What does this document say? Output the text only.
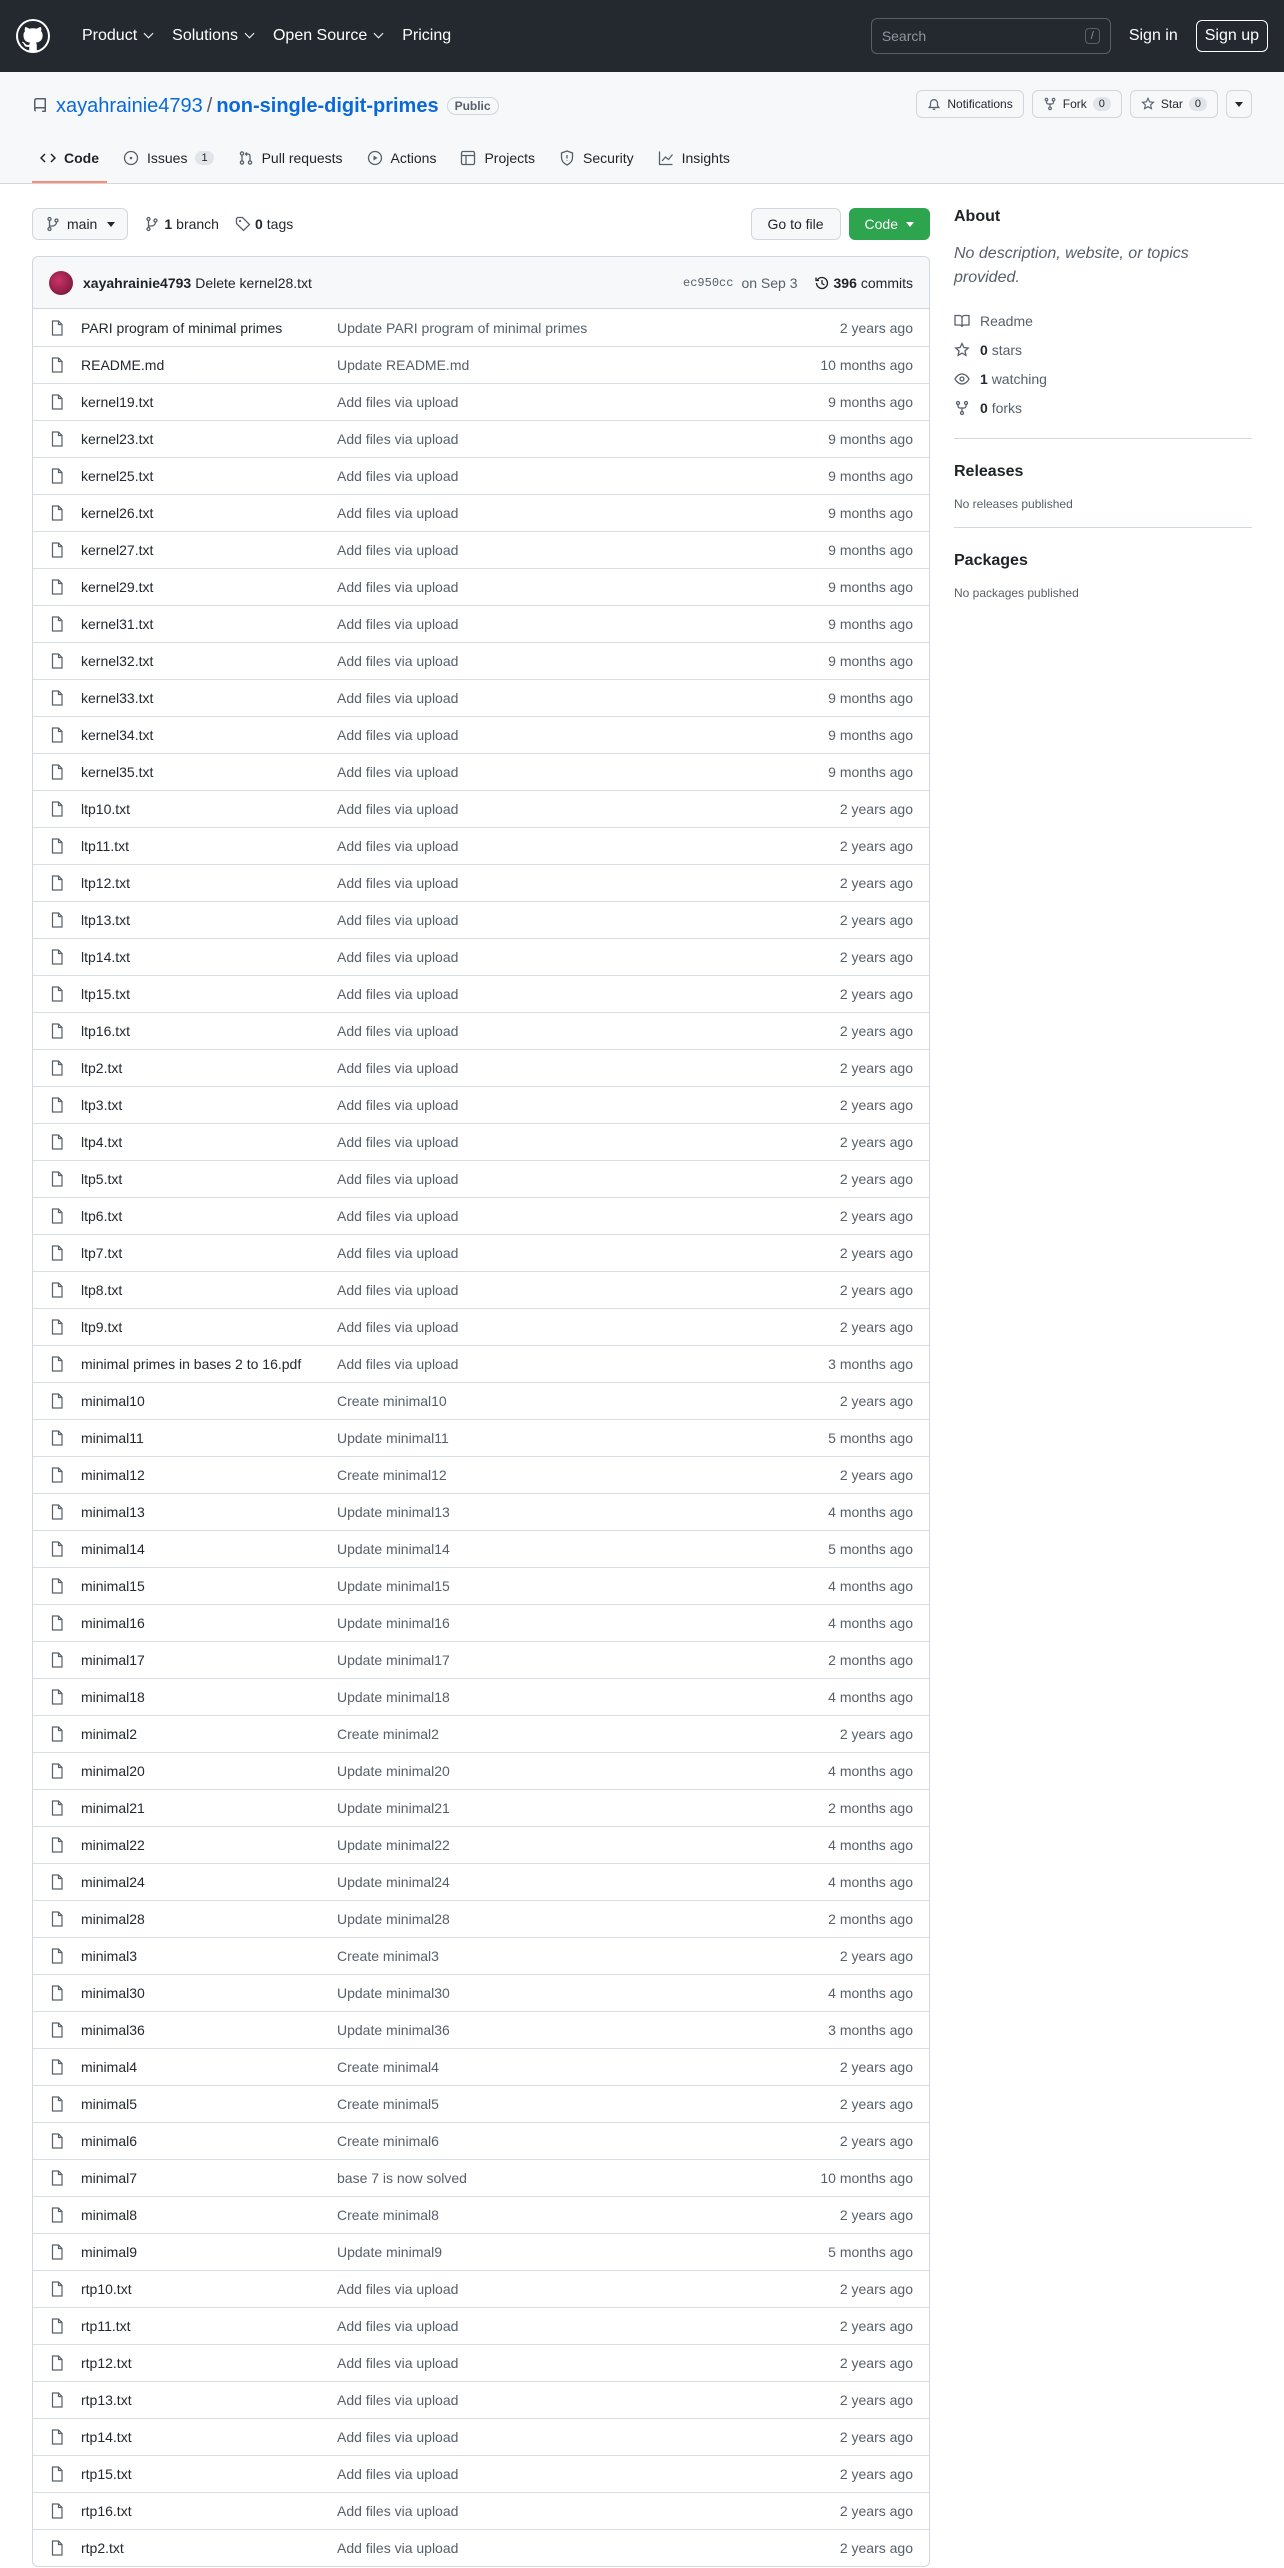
Product Solutions Open Source Pricing	Search	/	Sign in	Sign up
xayahrainie4793 / non-single-digit-primes	Public	Notifications	Fork	0	Star	0
Code	Issues	1	Pull requests	Actions	Projects	Security	Insights
main	1 branch	0 tags	Go to file	Code
xayahrainie4793 Delete kernel28.txt	ec950cc on Sep 3	396 commits
PARI program of minimal primes	Update PARI program of minimal primes	2 years ago
README.md	Update README.md	10 months ago
kernel19.txt	Add files via upload	9 months ago
kernel23.txt	Add files via upload	9 months ago
kernel25.txt	Add files via upload	9 months ago
kernel26.txt	Add files via upload	9 months ago
kernel27.txt	Add files via upload	9 months ago
kernel29.txt	Add files via upload	9 months ago
kernel31.txt	Add files via upload	9 months ago
kernel32.txt	Add files via upload	9 months ago
kernel33.txt	Add files via upload	9 months ago
kernel34.txt	Add files via upload	9 months ago
kernel35.txt	Add files via upload	9 months ago
ltp10.txt	Add files via upload	2 years ago
ltp11.txt	Add files via upload	2 years ago
ltp12.txt	Add files via upload	2 years ago
ltp13.txt	Add files via upload	2 years ago
ltp14.txt	Add files via upload	2 years ago
ltp15.txt	Add files via upload	2 years ago
ltp16.txt	Add files via upload	2 years ago
ltp2.txt	Add files via upload	2 years ago
ltp3.txt	Add files via upload	2 years ago
ltp4.txt	Add files via upload	2 years ago
ltp5.txt	Add files via upload	2 years ago
ltp6.txt	Add files via upload	2 years ago
ltp7.txt	Add files via upload	2 years ago
ltp8.txt	Add files via upload	2 years ago
ltp9.txt	Add files via upload	2 years ago
minimal primes in bases 2 to 16.pdf	Add files via upload	3 months ago
minimal10	Create minimal10	2 years ago
minimal11	Update minimal11	5 months ago
minimal12	Create minimal12	2 years ago
minimal13	Update minimal13	4 months ago
minimal14	Update minimal14	5 months ago
minimal15	Update minimal15	4 months ago
minimal16	Update minimal16	4 months ago
minimal17	Update minimal17	2 months ago
minimal18	Update minimal18	4 months ago
minimal2	Create minimal2	2 years ago
minimal20	Update minimal20	4 months ago
minimal21	Update minimal21	2 months ago
minimal22	Update minimal22	4 months ago
minimal24	Update minimal24	4 months ago
minimal28	Update minimal28	2 months ago
minimal3	Create minimal3	2 years ago
minimal30	Update minimal30	4 months ago
minimal36	Update minimal36	3 months ago
minimal4	Create minimal4	2 years ago
minimal5	Create minimal5	2 years ago
minimal6	Create minimal6	2 years ago
minimal7	base 7 is now solved	10 months ago
minimal8	Create minimal8	2 years ago
minimal9	Update minimal9	5 months ago
rtp10.txt	Add files via upload	2 years ago
rtp11.txt	Add files via upload	2 years ago
rtp12.txt	Add files via upload	2 years ago
rtp13.txt	Add files via upload	2 years ago
rtp14.txt	Add files via upload	2 years ago
rtp15.txt	Add files via upload	2 years ago
rtp16.txt	Add files via upload	2 years ago
rtp2.txt	Add files via upload	2 years ago
About

No description, website, or topics provided.

Readme
0 stars
1 watching
0 forks
Releases

No releases published

Packages

No packages published
